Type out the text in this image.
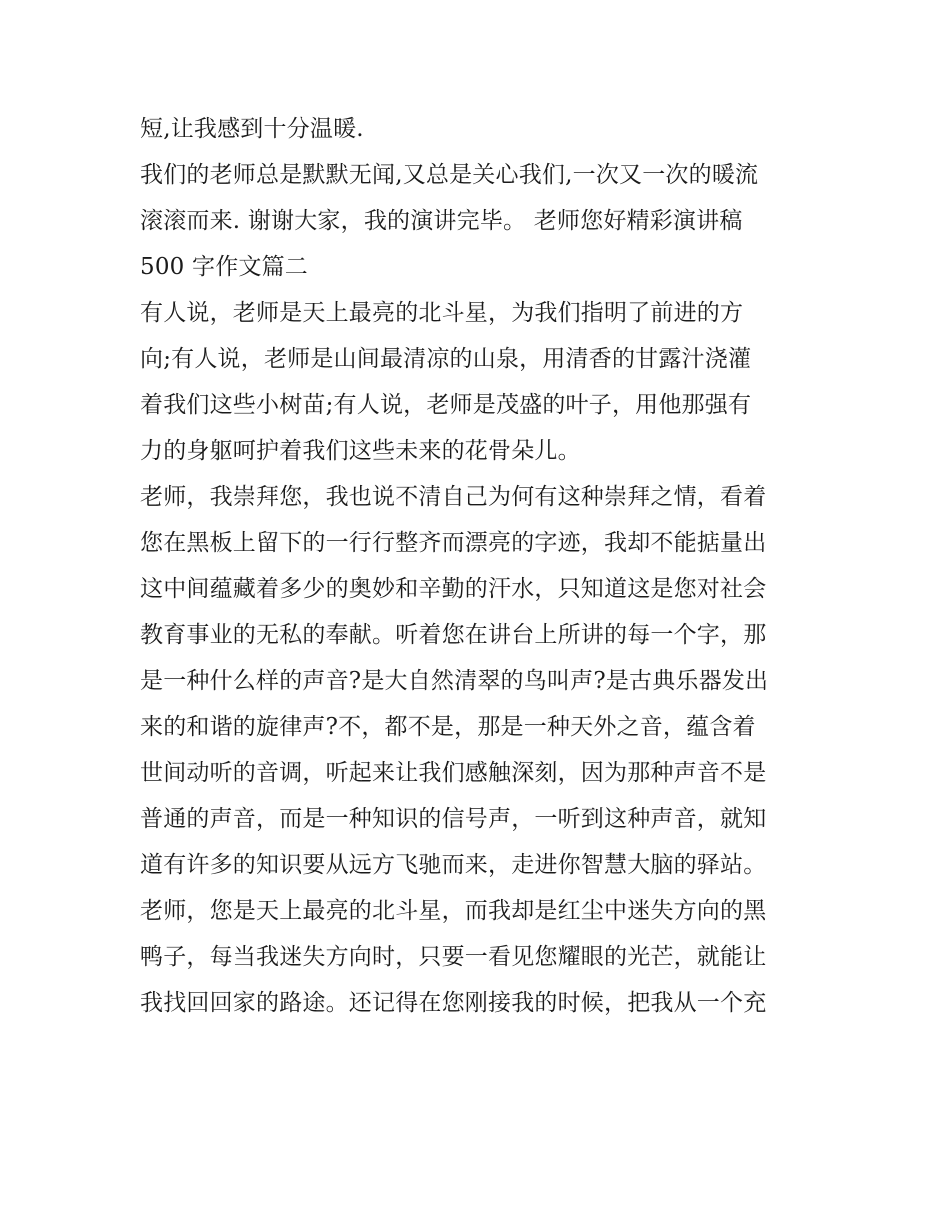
短,让我感到十分温暖.
我们的老师总是默默无闻,又总是关心我们,一次又一次的暖流
滚滚而来. 谢谢大家，我的演讲完毕。 老师您好精彩演讲稿
500 字作文篇二
有人说，老师是天上最亮的北斗星，为我们指明了前进的方
向;有人说，老师是山间最清凉的山泉，用清香的甘露汁浇灌
着我们这些小树苗;有人说，老师是茂盛的叶子，用他那强有
力的身躯呵护着我们这些未来的花骨朵儿。
老师，我崇拜您，我也说不清自己为何有这种崇拜之情，看着
您在黑板上留下的一行行整齐而漂亮的字迹，我却不能掂量出
这中间蕴藏着多少的奥妙和辛勤的汗水，只知道这是您对社会
教育事业的无私的奉献。听着您在讲台上所讲的每一个字，那
是一种什么样的声音?是大自然清翠的鸟叫声?是古典乐器发出
来的和谐的旋律声?不，都不是，那是一种天外之音，蕴含着
世间动听的音调，听起来让我们感触深刻，因为那种声音不是
普通的声音，而是一种知识的信号声，一听到这种声音，就知
道有许多的知识要从远方飞驰而来，走进你智慧大脑的驿站。
老师，您是天上最亮的北斗星，而我却是红尘中迷失方向的黑
鸭子，每当我迷失方向时，只要一看见您耀眼的光芒，就能让
我找回回家的路途。还记得在您刚接我的时候，把我从一个充
